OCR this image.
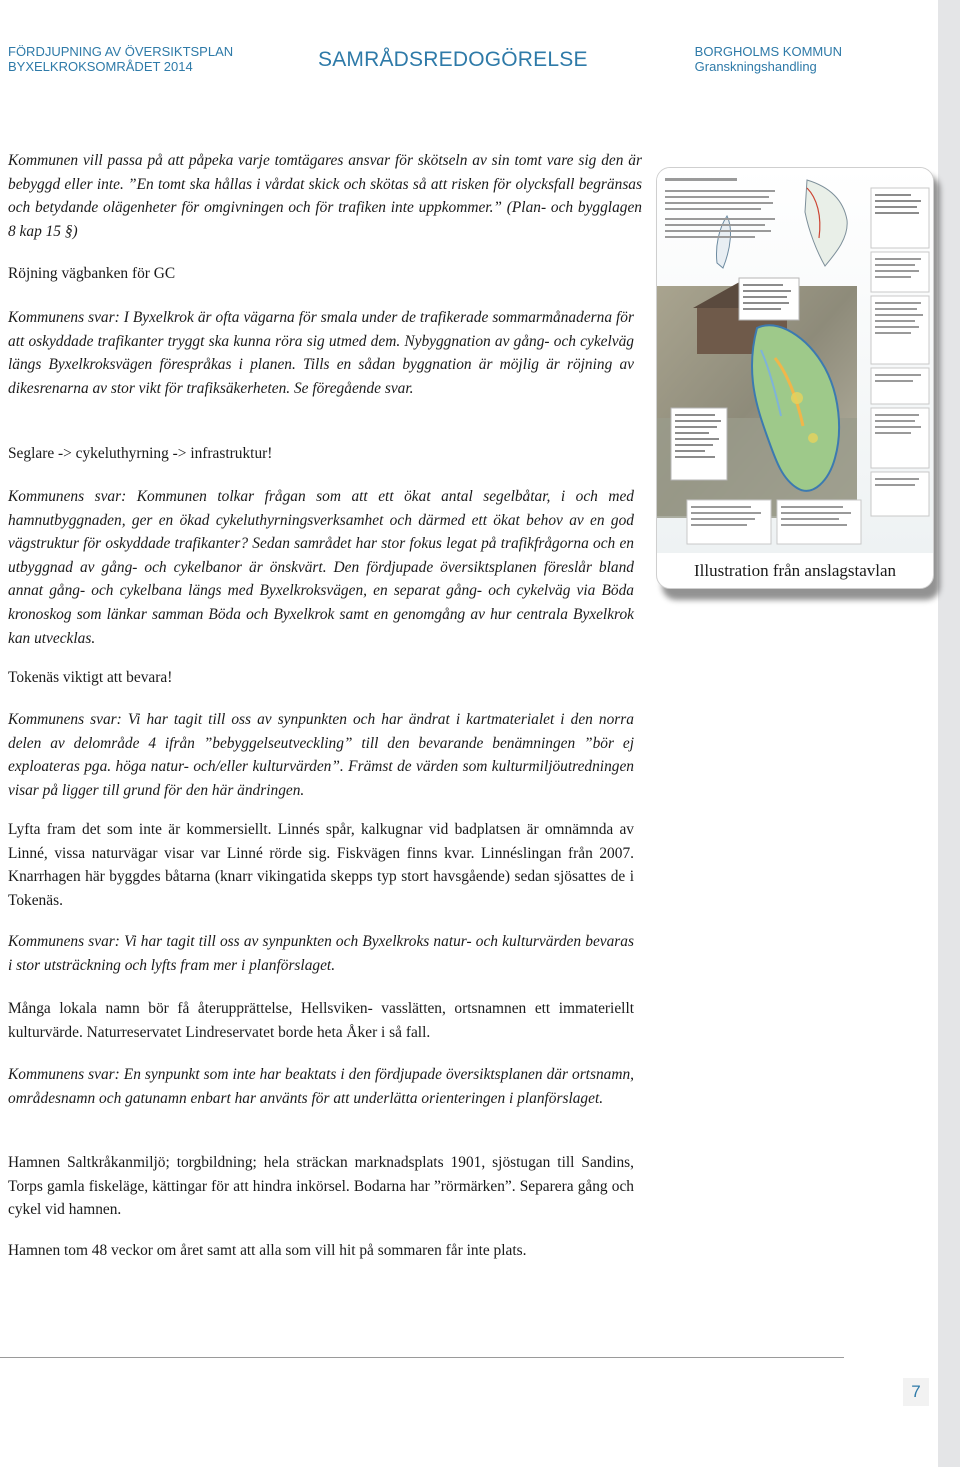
FÖRDJUPNING AV ÖVERSIKTSPLAN
BYXELKROKSOMRÅDET 2014	SAMRÅDSREDOGÖRELSE	BORGHOLMS KOMMUN
Granskningshandling

Kommunen vill passa på att påpeka varje tomtägares ansvar för skötseln av sin tomt vare sig den är bebyggd eller inte. ”En tomt ska hållas i vårdat skick och skötas så att risken för olycksfall begränsas och betydande olägenheter för omgivningen och för trafiken inte uppkommer.” (Plan- och bygglagen 8 kap 15 §)

Röjning vägbanken för GC

Kommunens svar: I Byxelkrok är ofta vägarna för smala under de trafikerade sommarmånaderna för att oskyddade trafikanter tryggt ska kunna röra sig utmed dem. Nybyggnation av gång- och cykelväg längs Byxelkroksvägen förespråkas i planen. Tills en sådan byggnation är möjlig är röjning av dikesrenarna av stor vikt för trafiksäkerheten. Se föregående svar.

Seglare -> cykeluthyrning -> infrastruktur!

Kommunens svar: Kommunen tolkar frågan som att ett ökat antal segelbåtar, i och med hamnutbyggnaden, ger en ökad cykeluthyrningsverksamhet och därmed ett ökat behov av en god vägstruktur för oskyddade trafikanter? Sedan samrådet har stor fokus legat på trafikfrågorna och en utbyggnad av gång- och cykelbanor är önskvärt. Den fördjupade översiktsplanen föreslår bland annat gång- och cykelbana längs med Byxelkroksvägen, en separat gång- och cykelväg via Böda kronoskog som länkar samman Böda och Byxelkrok samt en genomgång av hur centrala Byxelkrok kan utvecklas.

Tokenäs viktigt att bevara!

Kommunens svar: Vi har tagit till oss av synpunkten och har ändrat i kartmaterialet i den norra delen av delområde 4 ifrån ”bebyggelseutveckling” till den bevarande benämningen ”bör ej exploateras pga. höga natur- och/eller kulturvärden”. Främst de värden som kulturmiljöutredningen visar på ligger till grund för den här ändringen.

Lyfta fram det som inte är kommersiellt. Linnés spår, kalkugnar vid badplatsen är omnämnda av Linné, vissa naturvägar visar var Linné rörde sig. Fiskvägen finns kvar. Linnéslingan från 2007. Knarrhagen här byggdes båtarna (knarr vikingatida skepps typ stort havsgående) sedan sjösattes de i Tokenäs.

Kommunens svar: Vi har tagit till oss av synpunkten och Byxelkroks natur- och kulturvärden bevaras i stor utsträckning och lyfts fram mer i planförslaget.

Många lokala namn bör få återupprättelse, Hellsviken- vasslätten, ortsnamnen ett immateriellt kulturvärde. Naturreservatet Lindreservatet borde heta Åker i så fall.

Kommunens svar: En synpunkt som inte har beaktats i den fördjupade översiktsplanen där ortsnamn, områdesnamn och gatunamn enbart har använts för att underlätta orienteringen i planförslaget.

Hamnen Saltkråkanmiljö; torgbildning; hela sträckan marknadsplats 1901, sjöstugan till Sandins, Torps gamla fiskeläge, kättingar för att hindra inkörsel. Bodarna har ”rörmärken”. Separera gång och cykel vid hamnen.

Hamnen tom 48 veckor om året samt att alla som vill hit på sommaren får inte plats.

Illustration från anslagstavlan
7
